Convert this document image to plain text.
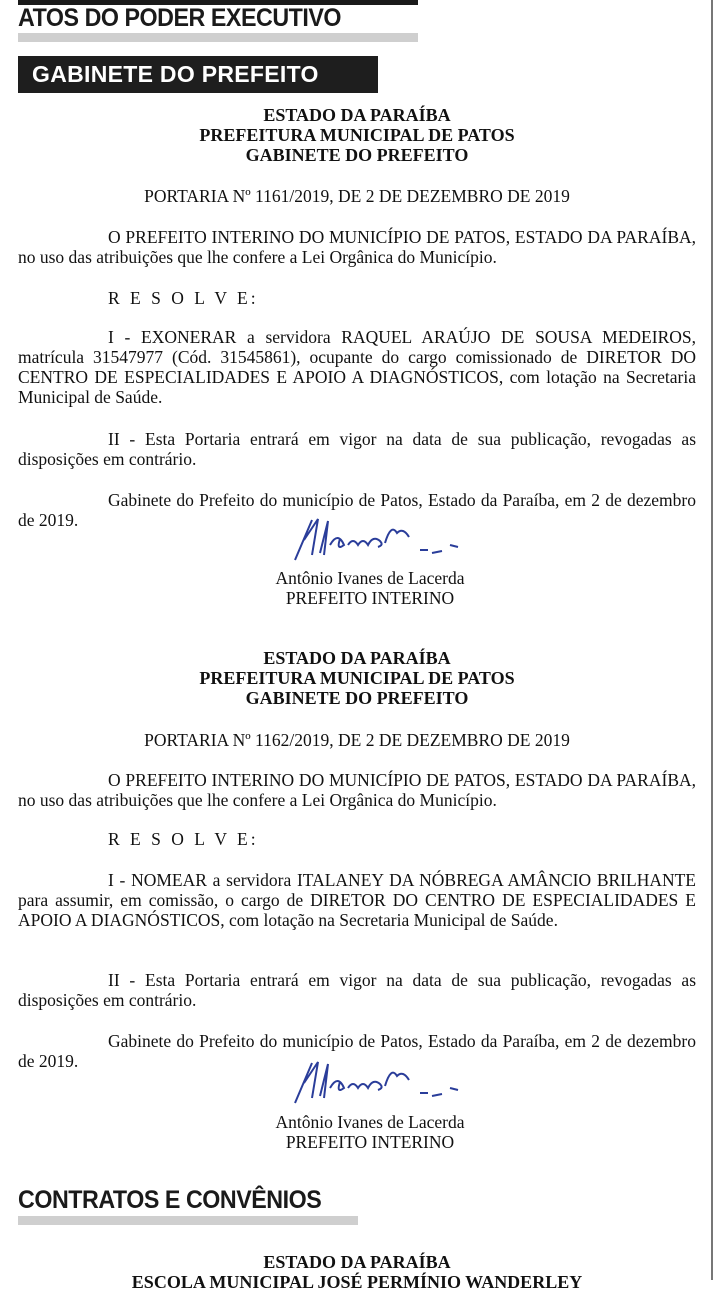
ATOS DO PODER EXECUTIVO
GABINETE DO PREFEITO
ESTADO DA PARAÍBA
PREFEITURA MUNICIPAL DE PATOS
GABINETE DO PREFEITO
PORTARIA Nº 1161/2019, DE 2 DE DEZEMBRO DE 2019
O PREFEITO INTERINO DO MUNICÍPIO DE PATOS, ESTADO DA PARAÍBA, no uso das atribuições que lhe confere a Lei Orgânica do Município.
R E S O L V E:
I - EXONERAR a servidora RAQUEL ARAÚJO DE SOUSA MEDEIROS, matrícula 31547977 (Cód. 31545861), ocupante do cargo comissionado de DIRETOR DO CENTRO DE ESPECIALIDADES E APOIO A DIAGNÓSTICOS, com lotação na Secretaria Municipal de Saúde.
II - Esta Portaria entrará em vigor na data de sua publicação, revogadas as disposições em contrário.
Gabinete do Prefeito do município de Patos, Estado da Paraíba, em 2 de dezembro de 2019.
Antônio Ivanes de Lacerda
PREFEITO INTERINO
ESTADO DA PARAÍBA
PREFEITURA MUNICIPAL DE PATOS
GABINETE DO PREFEITO
PORTARIA Nº 1162/2019, DE 2 DE DEZEMBRO DE 2019
O PREFEITO INTERINO DO MUNICÍPIO DE PATOS, ESTADO DA PARAÍBA, no uso das atribuições que lhe confere a Lei Orgânica do Município.
R E S O L V E:
I - NOMEAR a servidora ITALANEY DA NÓBREGA AMÂNCIO BRILHANTE para assumir, em comissão, o cargo de DIRETOR DO CENTRO DE ESPECIALIDADES E APOIO A DIAGNÓSTICOS, com lotação na Secretaria Municipal de Saúde.
II - Esta Portaria entrará em vigor na data de sua publicação, revogadas as disposições em contrário.
Gabinete do Prefeito do município de Patos, Estado da Paraíba, em 2 de dezembro de 2019.
Antônio Ivanes de Lacerda
PREFEITO INTERINO
CONTRATOS E CONVÊNIOS
ESTADO DA PARAÍBA
ESCOLA MUNICIPAL JOSÉ PERMÍNIO WANDERLEY
